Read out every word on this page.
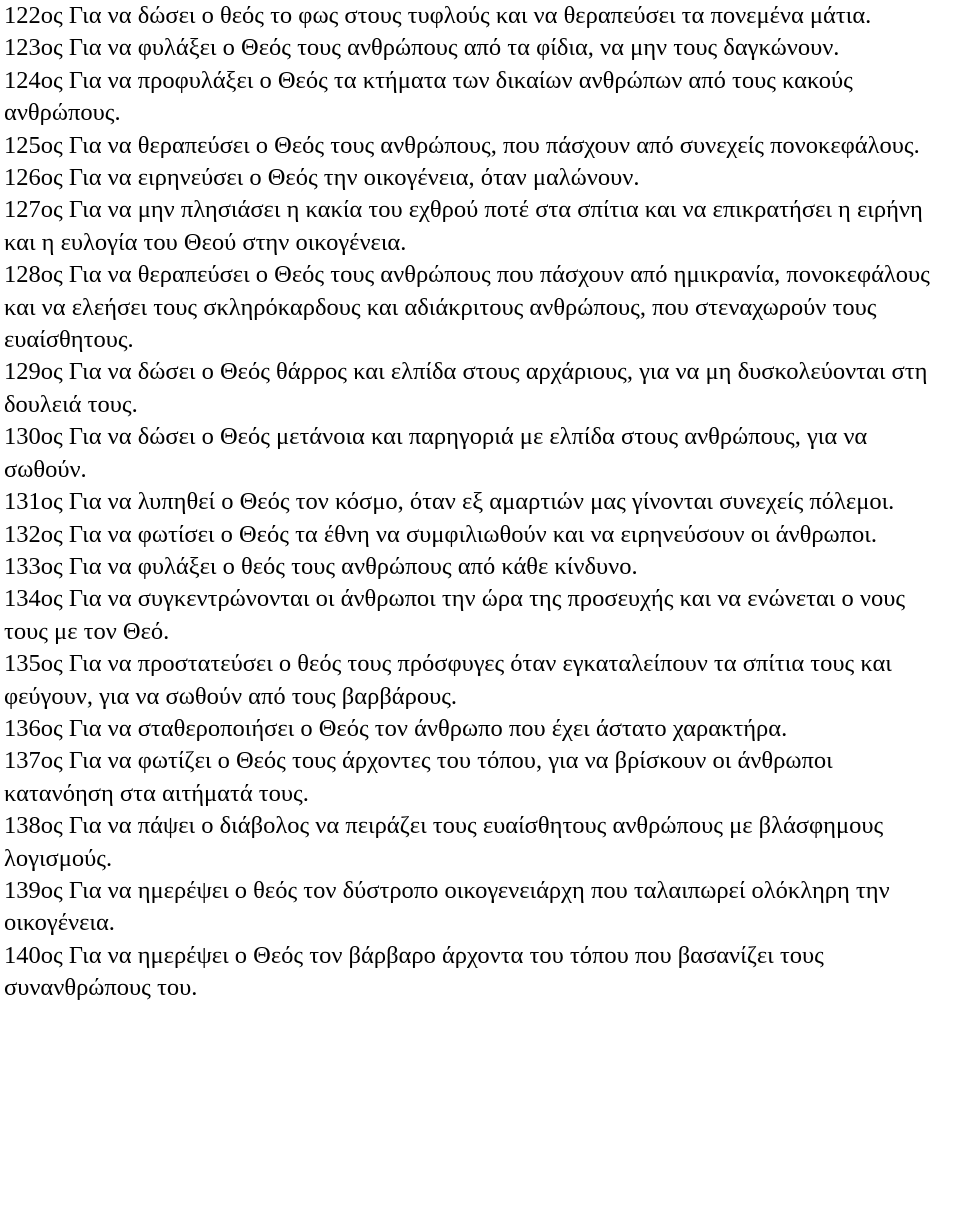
122ος Για να δώσει ο θεός το φως στους τυφλούς και να θεραπεύσει τα πονεμένα μάτια.

123ος Για να φυλάξει ο Θεός τους ανθρώπους από τα φίδια, να μην τους δαγκώνουν.

124ος Για να προφυλάξει ο Θεός τα κτήματα των δικαίων ανθρώπων από τους κακούς ανθρώπους.

125ος Για να θεραπεύσει ο Θεός τους ανθρώπους, που πάσχουν από συνεχείς πονοκεφάλους.

126ος Για να ειρηνεύσει ο Θεός την οικογένεια, όταν μαλώνουν.

127ος Για να μην πλησιάσει η κακία του εχθρού ποτέ στα σπίτια και να επικρατήσει η ειρήνη και η ευλογία του Θεού στην οικογένεια.

128ος Για να θεραπεύσει ο Θεός τους ανθρώπους που πάσχουν από ημικρανία, πονοκεφάλους και να ελεήσει τους σκληρόκαρδους και αδιάκριτους ανθρώπους, που στεναχωρούν τους ευαίσθητους.

129ος Για να δώσει ο Θεός θάρρος και ελπίδα στους αρχάριους, για να μη δυσκολεύονται στη δουλειά τους.

130ος Για να δώσει ο Θεός μετάνοια και παρηγοριά με ελπίδα στους ανθρώπους, για να σωθούν.

131ος Για να λυπηθεί ο Θεός τον κόσμο, όταν εξ αμαρτιών μας γίνονται συνεχείς πόλεμοι.

132ος Για να φωτίσει ο Θεός τα έθνη να συμφιλιωθούν και να ειρηνεύσουν οι άνθρωποι.

133ος Για να φυλάξει ο θεός τους ανθρώπους από κάθε κίνδυνο.

134ος Για να συγκεντρώνονται οι άνθρωποι την ώρα της προσευχής και να ενώνεται ο νους τους με τον Θεό.

135ος Για να προστατεύσει ο θεός τους πρόσφυγες όταν εγκαταλείπουν τα σπίτια τους και φεύγουν, για να σωθούν από τους βαρβάρους.

136ος Για να σταθεροποιήσει ο Θεός τον άνθρωπο που έχει άστατο χαρακτήρα.

137ος Για να φωτίζει ο Θεός τους άρχοντες του τόπου, για να βρίσκουν οι άνθρωποι κατανόηση στα αιτήματά τους.

138ος Για να πάψει ο διάβολος να πειράζει τους ευαίσθητους ανθρώπους με βλάσφημους λογισμούς.

139ος Για να ημερέψει ο θεός τον δύστροπο οικογενειάρχη που ταλαιπωρεί ολόκληρη την οικογένεια.

140ος Για να ημερέψει ο Θεός τον βάρβαρο άρχοντα του τόπου που βασανίζει τους συνανθρώπους του.
